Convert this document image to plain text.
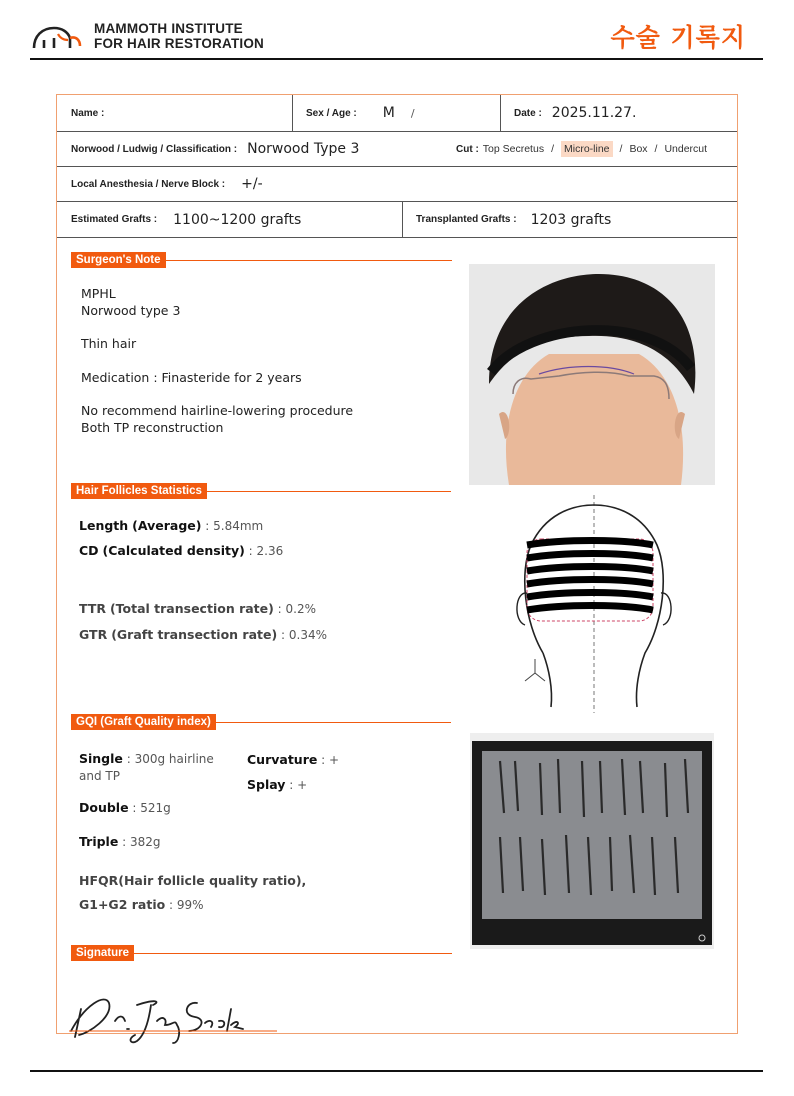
MAMMOTH INSTITUTE
FOR HAIR RESTORATION	수술 기록지
Name :	Sex / Age : M /	Date : 2025.11.27.
Norwood / Ludwig / Classification : Norwood Type 3	Cut : Top Secretus / Micro-line / Box / Undercut
Local Anesthesia / Nerve Block : +/-
Estimated Grafts : 1100~1200 grafts	Transplanted Grafts : 1203 grafts
Surgeon's Note
MPHL
Norwood type 3
Thin hair
Medication : Finasteride for 2 years
No recommend hairline-lowering procedure
Both TP reconstruction
Hair Follicles Statistics
Length (Average) : 5.84mm
CD (Calculated density) : 2.36
TTR (Total transection rate) : 0.2%
GTR (Graft transection rate) : 0.34%
GQI (Graft Quality index)
Single : 300g hairline
and TP
Double : 521g
Triple : 382g
Curvature : +
Splay : +
HFQR(Hair follicle quality ratio),
G1+G2 ratio : 99%
Signature
